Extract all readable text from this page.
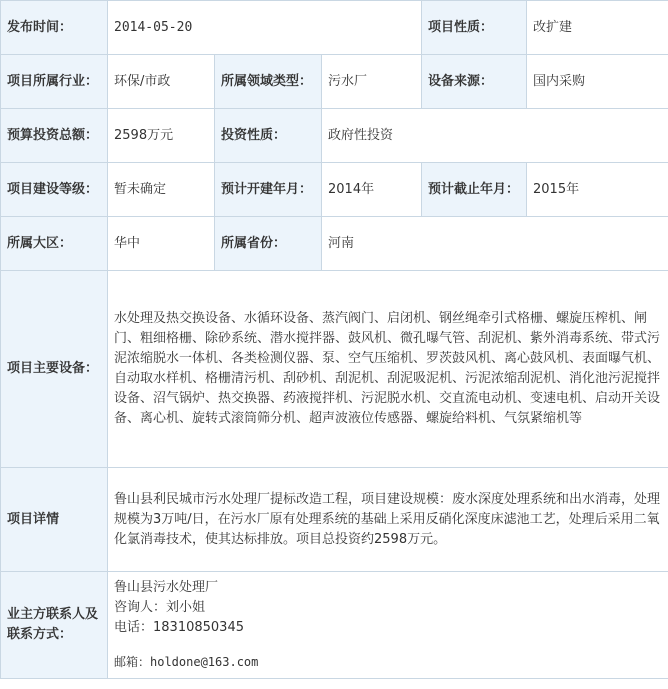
发布时间：	2014-05-20			项目性质：	改扩建
项目所属行业：	环保/市政	所属领域类型：	污水厂	设备来源：	国内采购
预算投资总额：	2598万元	投资性质：	政府性投资		
项目建设等级：	暂未确定	预计开建年月：	2014年	预计截止年月：	2015年
所属大区：	华中	所属省份：	河南		
项目主要设备：	水处理及热交换设备、水循环设备、蒸汽阀门、启闭机、钢丝绳牵引式格栅、螺旋压榨机、闸门、粗细格栅、除砂系统、潜水搅拌器、鼓风机、微孔曝气管、刮泥机、紫外消毒系统、带式污泥浓缩脱水一体机、各类检测仪器、泵、空气压缩机、罗茨鼓风机、离心鼓风机、表面曝气机、自动取水样机、格栅清污机、刮砂机、刮泥机、刮泥吸泥机、污泥浓缩刮泥机、消化池污泥搅拌设备、沼气锅炉、热交换器、药液搅拌机、污泥脱水机、交直流电动机、变速电机、启动开关设备、离心机、旋转式滚筒筛分机、超声波液位传感器、螺旋给料机、气氛紧缩机等				
项目详情	鲁山县利民城市污水处理厂提标改造工程，项目建设规模：废水深度处理系统和出水消毒，处理规模为3万吨/日，在污水厂原有处理系统的基础上采用反硝化深度床滤池工艺，处理后采用二氧化氯消毒技术，使其达标排放。项目总投资约2598万元。				
业主方联系人及联系方式：	鲁山县污水处理厂
咨询人：刘小姐
电话：18310850345
邮箱：holdone@163.com				
